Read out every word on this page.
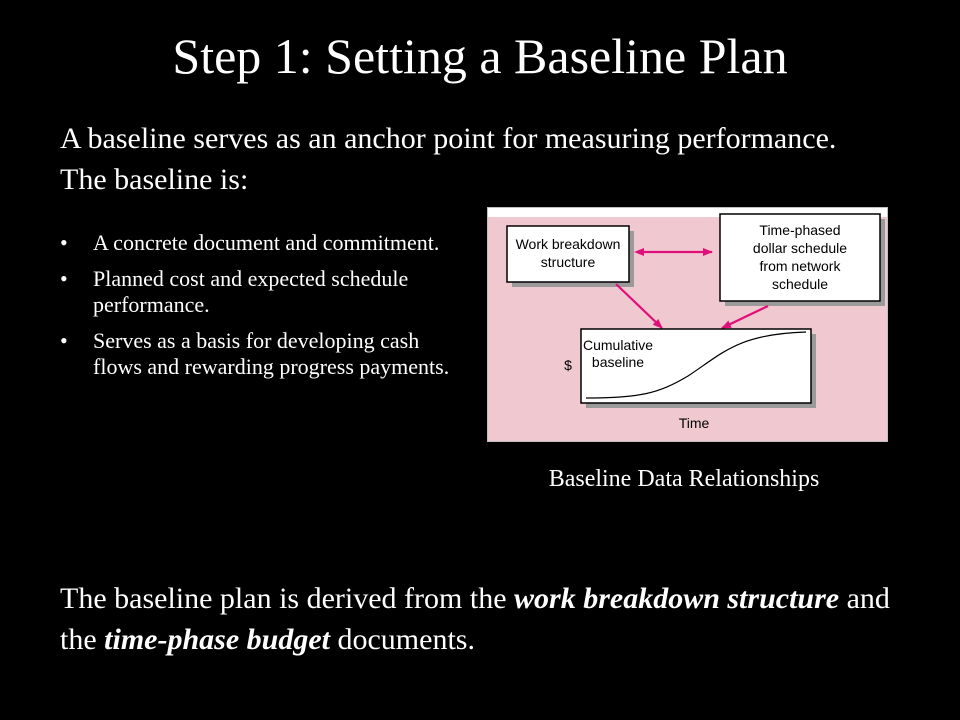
Step 1: Setting a Baseline Plan

A baseline serves as an anchor point for measuring performance. The baseline is:

• A concrete document and commitment.
• Planned cost and expected schedule performance.
• Serves as a basis for developing cash flows and rewarding progress payments.
Work breakdown
structure
Time-phased
dollar schedule
from network
schedule
Cumulative
baseline
$
Time

Baseline Data Relationships

The baseline plan is derived from the work breakdown structure and the time-phase budget documents.
